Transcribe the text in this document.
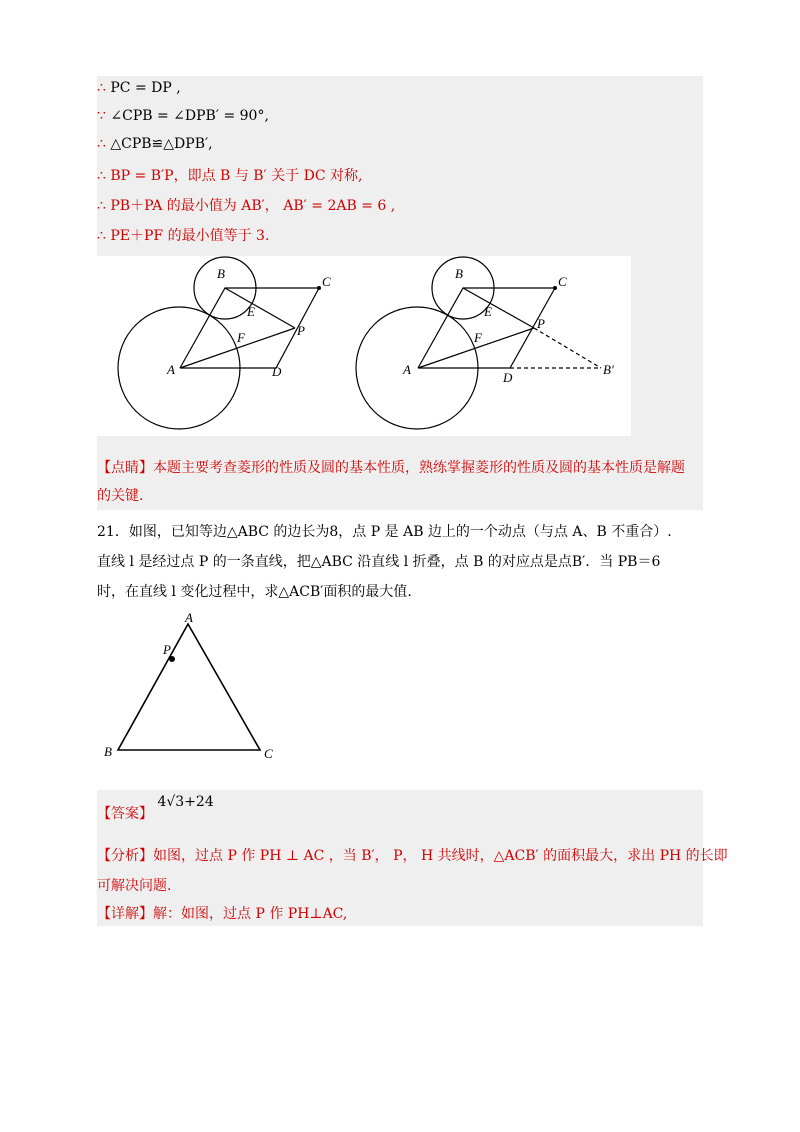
∴ PC = DP ,
∵ ∠CPB = ∠DPB′ = 90°,
∴ △CPB≌△DPB′,
∴ BP = B′P，即点 B 与 B′ 关于 DC 对称,
∴ PB＋PA 的最小值为 AB′， AB′ = 2AB = 6 ,
∴ PE＋PF 的最小值等于 3.
B
C
E
P
F
A	D
B
C
E
P
F
A
D
B′
【点睛】本题主要考查菱形的性质及圆的基本性质，熟练掌握菱形的性质及圆的基本性质是解题
的关键.
21．如图，已知等边△ABC 的边长为8，点 P 是 AB 边上的一个动点（与点 A、B 不重合）.
直线 l 是经过点 P 的一条直线，把△ABC 沿直线 l 折叠，点 B 的对应点是点B′．当 PB＝6
时，在直线 l 变化过程中，求△ACB′面积的最大值.
A
P
B	C
【答案】 4√3+24
【分析】如图，过点 P 作 PH ⊥ AC ，当 B′， P， H 共线时，△ACB′ 的面积最大，求出 PH 的长即
可解决问题.
【详解】解：如图，过点 P 作 PH⊥AC,
